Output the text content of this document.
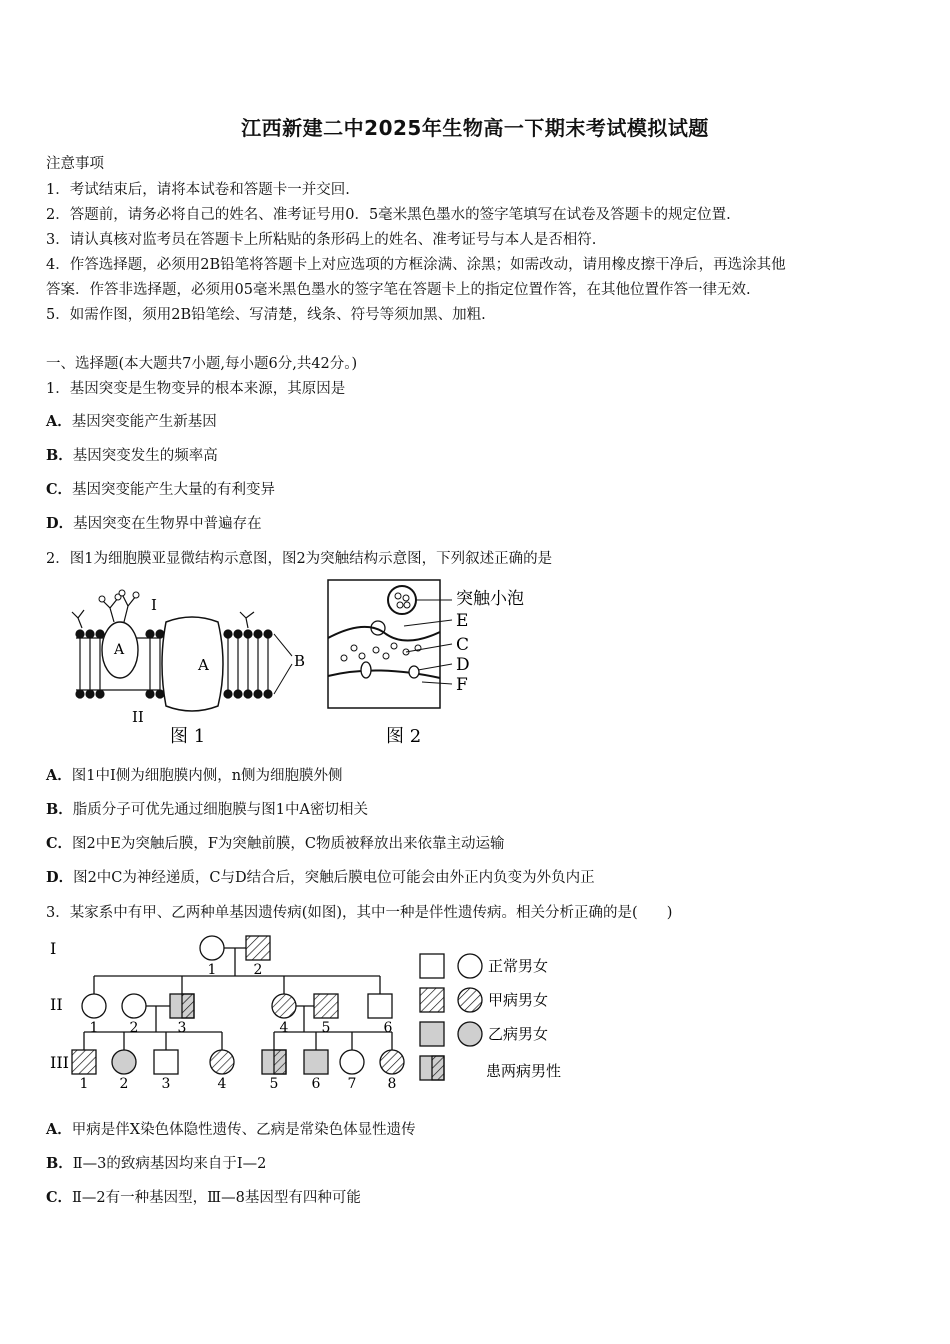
江西新建二中2025年生物高一下期末考试模拟试题
注意事项
1．考试结束后，请将本试卷和答题卡一并交回.
2．答题前，请务必将自己的姓名、准考证号用0．5毫米黑色墨水的签字笔填写在试卷及答题卡的规定位置.
3．请认真核对监考员在答题卡上所粘贴的条形码上的姓名、准考证号与本人是否相符.
4．作答选择题，必须用2B铅笔将答题卡上对应选项的方框涂满、涂黑；如需改动，请用橡皮擦干净后，再选涂其他
答案．作答非选择题，必须用05毫米黑色墨水的签字笔在答题卡上的指定位置作答，在其他位置作答一律无效.
5．如需作图，须用2B铅笔绘、写清楚，线条、符号等须加黑、加粗.
一、选择题(本大题共7小题,每小题6分,共42分。)
1．基因突变是生物变异的根本来源，其原因是
A．基因突变能产生新基因
B．基因突变发生的频率高
C．基因突变能产生大量的有利变异
D．基因突变在生物界中普遍存在
2．图1为细胞膜亚显微结构示意图，图2为突触结构示意图，下列叙述正确的是
I
II
A
A	B
图 1
突触小泡
E
C
D
F
图 2
A．图1中I侧为细胞膜内侧，n侧为细胞膜外侧
B．脂质分子可优先通过细胞膜与图1中A密切相关
C．图2中E为突触后膜，F为突触前膜，C物质被释放出来依靠主动运输
D．图2中C为神经递质，C与D结合后，突触后膜电位可能会由外正内负变为外负内正
3．某家系中有甲、乙两种单基因遗传病(如图)，其中一种是伴性遗传病。相关分析正确的是(　　)
I
II
III
1	2
1 2	3	4 5	6
1 2 3	4	5 6 7 8
正常男女
甲病男女
乙病男女
患两病男性
A．甲病是伴X染色体隐性遗传、乙病是常染色体显性遗传
B．Ⅱ—3的致病基因均来自于Ⅰ—2
C．Ⅱ—2有一种基因型，Ⅲ—8基因型有四种可能
